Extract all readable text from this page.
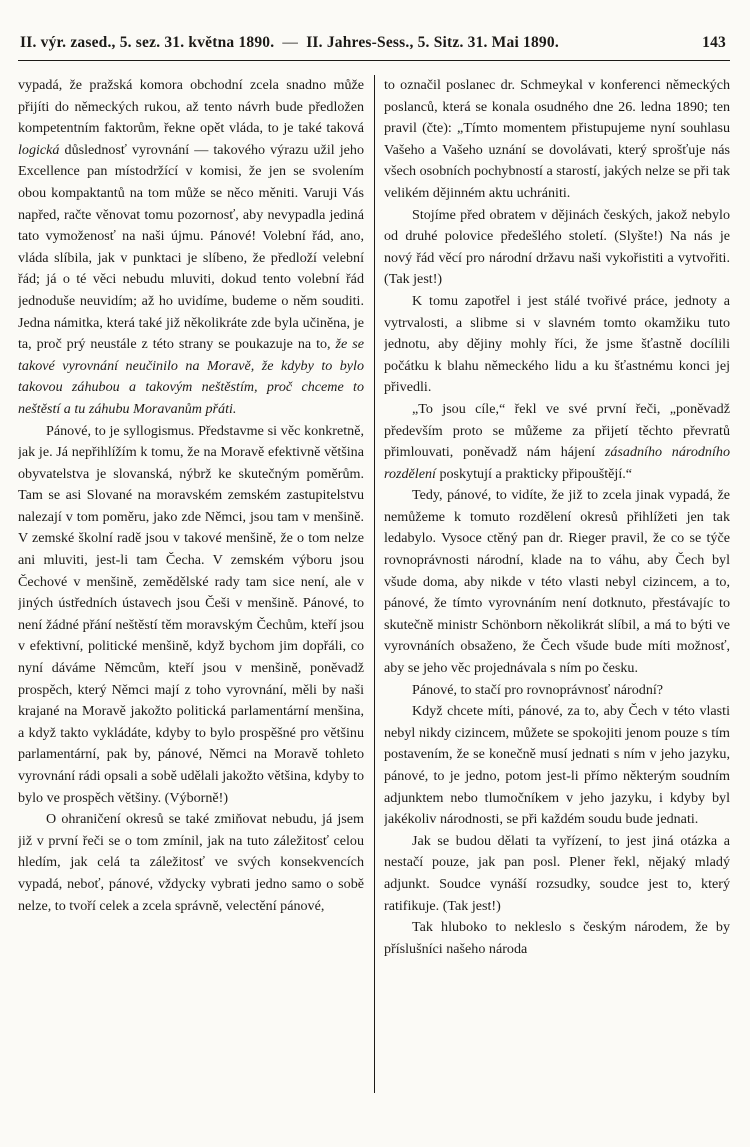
II. výr. zased., 5. sez. 31. května 1890. — II. Jahres-Sess., 5. Sitz. 31. Mai 1890.	143

vypadá, že pražská komora obchodní zcela snadno může přijíti do německých rukou, až tento návrh bude předložen kompetentním faktorům, řekne opět vláda, to je také taková logická důslednosť vyrovnání — takového výrazu užil jeho Excellence pan místodržící v komisi, že jen se svolením obou kompaktantů na tom může se něco měniti. Varuji Vás napřed, račte věnovat tomu pozornosť, aby nevypadla jediná tato vymoženosť na naši újmu. Pánové! Volební řád, ano, vláda slíbila, jak v punktaci je slíbeno, že předloží velební řád; já o té věci nebudu mluviti, dokud tento volební řád jednoduše neuvidím; až ho uvidíme, budeme o něm souditi. Jedna námitka, která také již několikráte zde byla učiněna, je ta, proč prý neustále z této strany se poukazuje na to, že se takové vyrovnání neučinilo na Moravě, že kdyby to bylo takovou záhubou a takovým neštěstím, proč chceme to neštěstí a tu záhubu Moravanům přáti.

Pánové, to je syllogismus. Představme si věc konkretně, jak je. Já nepřihlížím k tomu, že na Moravě efektivně většina obyvatelstva je slovanská, nýbrž ke skutečným poměrům. Tam se asi Slované na moravském zemském zastupitelstvu nalezají v tom poměru, jako zde Němci, jsou tam v menšině. V zemské školní radě jsou v takové menšině, že o tom nelze ani mluviti, jest-li tam Čecha. V zemském výboru jsou Čechové v menšině, zemědělské rady tam sice není, ale v jiných ústředních ústavech jsou Češi v menšině. Pánové, to není žádné přání neštěstí těm moravským Čechům, kteří jsou v efektivní, politické menšině, když bychom jim dopřáli, co nyní dáváme Němcům, kteří jsou v menšině, poněvadž prospěch, který Němci mají z toho vyrovnání, měli by naši krajané na Moravě jakožto politická parlamentární menšina, a když takto vykládáte, kdyby to bylo prospěšné pro většinu parlamentární, pak by, pánové, Němci na Moravě tohleto vyrovnání rádi opsali a sobě udělali jakožto většina, kdyby to bylo ve prospěch většiny. (Výborně!)

O ohraničení okresů se také zmiňovat nebudu, já jsem již v první řeči se o tom zmínil, jak na tuto záležitosť celou hledím, jak celá ta záležitosť ve svých konsekvencích vypadá, neboť, pánové, vždycky vybrati jedno samo o sobě nelze, to tvoří celek a zcela správně, velectění pánové,

to označil poslanec dr. Schmeykal v konferenci německých poslanců, která se konala osudného dne 26. ledna 1890; ten pravil (čte): „Tímto momentem přistupujeme nyní souhlasu Vašeho a Vašeho uznání se dovolávati, který sprošťuje nás všech osobních pochybností a starostí, jakých nelze se při tak velikém dějinném aktu uchrániti.

Stojíme před obratem v dějinách českých, jakož nebylo od druhé polovice předešlého století. (Slyšte!) Na nás je nový řád věcí pro národní državu naši vykořistiti a vytvořiti. (Tak jest!)

K tomu zapotřel i jest stálé tvořivé práce, jednoty a vytrvalosti, a slibme si v slavném tomto okamžiku tuto jednotu, aby dějiny mohly říci, že jsme šťastně docílili počátku k blahu německého lidu a ku šťastnému konci jej přivedli.

„To jsou cíle,“ řekl ve své první řeči, „poněvadž především proto se můžeme za přijetí těchto převratů přimlouvati, poněvadž nám hájení zásadního národního rozdělení poskytují a prakticky připouštějí.“

Tedy, pánové, to vidíte, že již to zcela jinak vypadá, že nemůžeme k tomuto rozdělení okresů přihlížeti jen tak ledabylo. Vysoce ctěný pan dr. Rieger pravil, že co se týče rovnoprávnosti národní, klade na to váhu, aby Čech byl všude doma, aby nikde v této vlasti nebyl cizincem, a to, pánové, že tímto vyrovnáním není dotknuto, přestávajíc to skutečně ministr Schönborn několikrát slíbil, a má to býti ve vyrovnáních obsaženo, že Čech všude bude míti možnosť, aby se jeho věc projednávala s ním po česku.

Pánové, to stačí pro rovnoprávnosť národní?

Když chcete míti, pánové, za to, aby Čech v této vlasti nebyl nikdy cizincem, můžete se spokojiti jenom pouze s tím postavením, že se konečně musí jednati s ním v jeho jazyku, pánové, to je jedno, potom jest-li přímo některým soudním adjunktem nebo tlumočníkem v jeho jazyku, i kdyby byl jakékoliv národnosti, se při každém soudu bude jednati.

Jak se budou dělati ta vyřízení, to jest jiná otázka a nestačí pouze, jak pan posl. Plener řekl, nějaký mladý adjunkt. Soudce vynáší rozsudky, soudce jest to, který ratifikuje. (Tak jest!)

Tak hluboko to nekleslo s českým národem, že by příslušníci našeho národa
